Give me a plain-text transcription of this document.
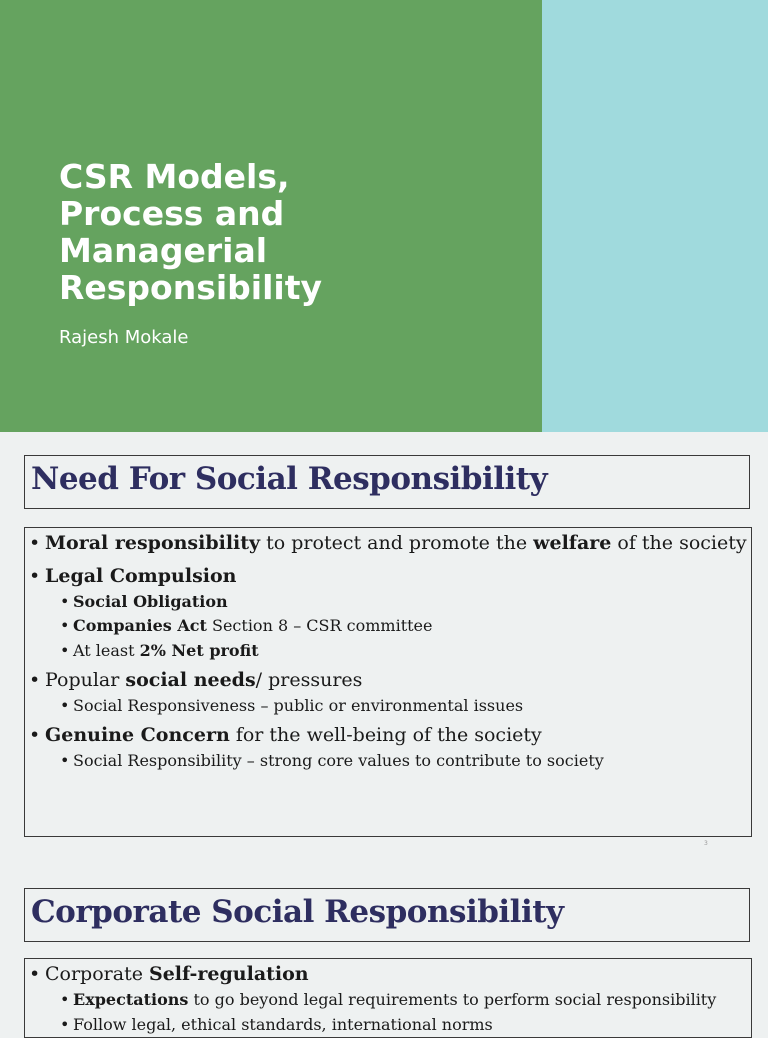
CSR Models,
Process and
Managerial
Responsibility
Rajesh Mokale
Need For Social Responsibility
• Moral responsibility to protect and promote the welfare of the society
• Legal Compulsion
• Social Obligation
• Companies Act Section 8 – CSR committee
• At least 2% Net profit
• Popular social needs/ pressures
• Social Responsiveness – public or environmental issues
• Genuine Concern for the well-being of the society
• Social Responsibility – strong core values to contribute to society
3
Corporate Social Responsibility
• Corporate Self-regulation
• Expectations to go beyond legal requirements to perform social responsibility
• Follow legal, ethical standards, international norms
